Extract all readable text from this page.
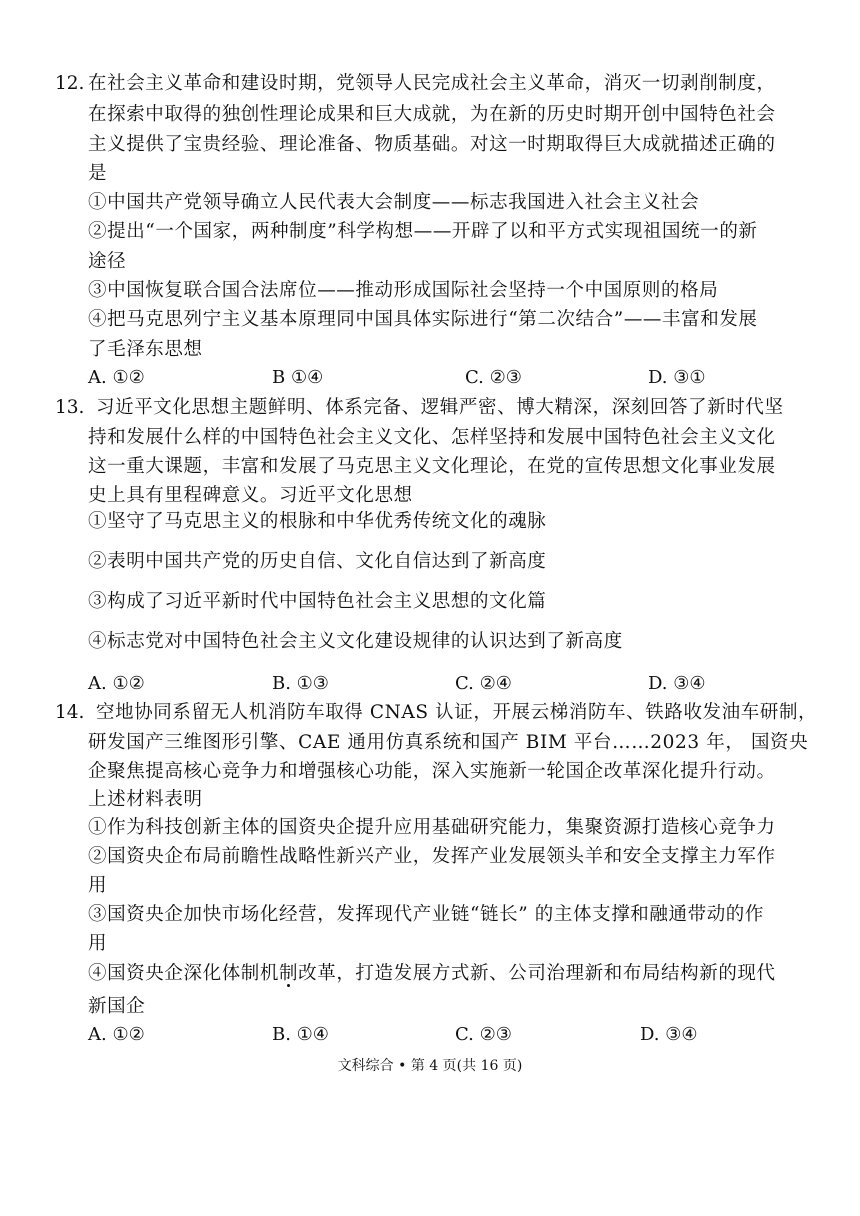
12. 在社会主义革命和建设时期，党领导人民完成社会主义革命，消灭一切剥削制度，
在探索中取得的独创性理论成果和巨大成就，为在新的历史时期开创中国特色社会
主义提供了宝贵经验、理论准备、物质基础。对这一时期取得巨大成就描述正确的
是
①中国共产党领导确立人民代表大会制度——标志我国进入社会主义社会
②提出“一个国家，两种制度”科学构想——开辟了以和平方式实现祖国统一的新
途径
③中国恢复联合国合法席位——推动形成国际社会坚持一个中国原则的格局
④把马克思列宁主义基本原理同中国具体实际进行“第二次结合”——丰富和发展
了毛泽东思想
A. ①②	B ①④	C. ②③	D. ③①
13. 习近平文化思想主题鲜明、体系完备、逻辑严密、博大精深，深刻回答了新时代坚
持和发展什么样的中国特色社会主义文化、怎样坚持和发展中国特色社会主义文化
这一重大课题，丰富和发展了马克思主义文化理论，在党的宣传思想文化事业发展
史上具有里程碑意义。习近平文化思想
①坚守了马克思主义的根脉和中华优秀传统文化的魂脉
②表明中国共产党的历史自信、文化自信达到了新高度
③构成了习近平新时代中国特色社会主义思想的文化篇
④标志党对中国特色社会主义文化建设规律的认识达到了新高度
A. ①②	B. ①③	C. ②④	D. ③④
14. 空地协同系留无人机消防车取得 CNAS 认证，开展云梯消防车、铁路收发油车研制，
研发国产三维图形引擎、CAE 通用仿真系统和国产 BIM 平台……2023 年， 国资央
企聚焦提高核心竞争力和增强核心功能，深入实施新一轮国企改革深化提升行动。
上述材料表明
①作为科技创新主体的国资央企提升应用基础研究能力，集聚资源打造核心竞争力
②国资央企布局前瞻性战略性新兴产业，发挥产业发展领头羊和安全支撑主力军作
用
③国资央企加快市场化经营，发挥现代产业链“链长” 的主体支撑和融通带动的作
用
④国资央企深化体制机制改革，打造发展方式新、公司治理新和布局结构新的现代
新国企
A. ①②	B. ①④	C. ②③	D. ③④
文科综合 • 第 4 页(共 16 页)
